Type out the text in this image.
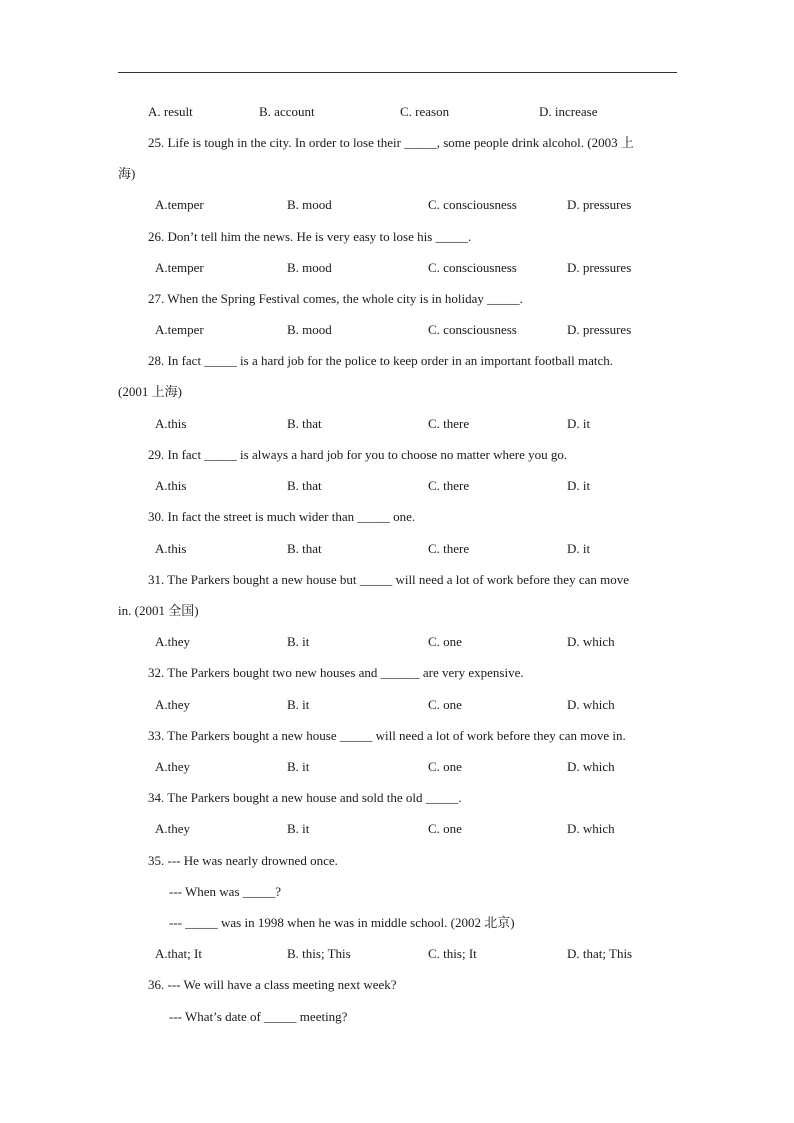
A. result	B. account	C. reason	D. increase
25. Life is tough in the city. In order to lose their _____, some people drink alcohol. (2003 上
海)
A.temper	B. mood	C. consciousness	D. pressures
26. Don’t tell him the news. He is very easy to lose his _____.
A.temper	B. mood	C. consciousness	D. pressures
27. When the Spring Festival comes, the whole city is in holiday _____.
A.temper	B. mood	C. consciousness	D. pressures
28. In fact _____ is a hard job for the police to keep order in an important football match.
(2001 上海)
A.this	B. that	C. there	D. it
29. In fact _____ is always a hard job for you to choose no matter where you go.
A.this	B. that	C. there	D. it
30. In fact the street is much wider than _____ one.
A.this	B. that	C. there	D. it
31. The Parkers bought a new house but _____ will need a lot of work before they can move
in. (2001 全国)
A.they	B. it	C. one	D. which
32. The Parkers bought two new houses and ______ are very expensive.
A.they	B. it	C. one	D. which
33. The Parkers bought a new house _____ will need a lot of work before they can move in.
A.they	B. it	C. one	D. which
34. The Parkers bought a new house and sold the old _____.
A.they	B. it	C. one	D. which
35. --- He was nearly drowned once.
--- When was _____?
--- _____ was in 1998 when he was in middle school. (2002 北京)
A.that; It	B. this; This	C. this; It	D. that; This
36. --- We will have a class meeting next week?
--- What’s date of _____ meeting?
